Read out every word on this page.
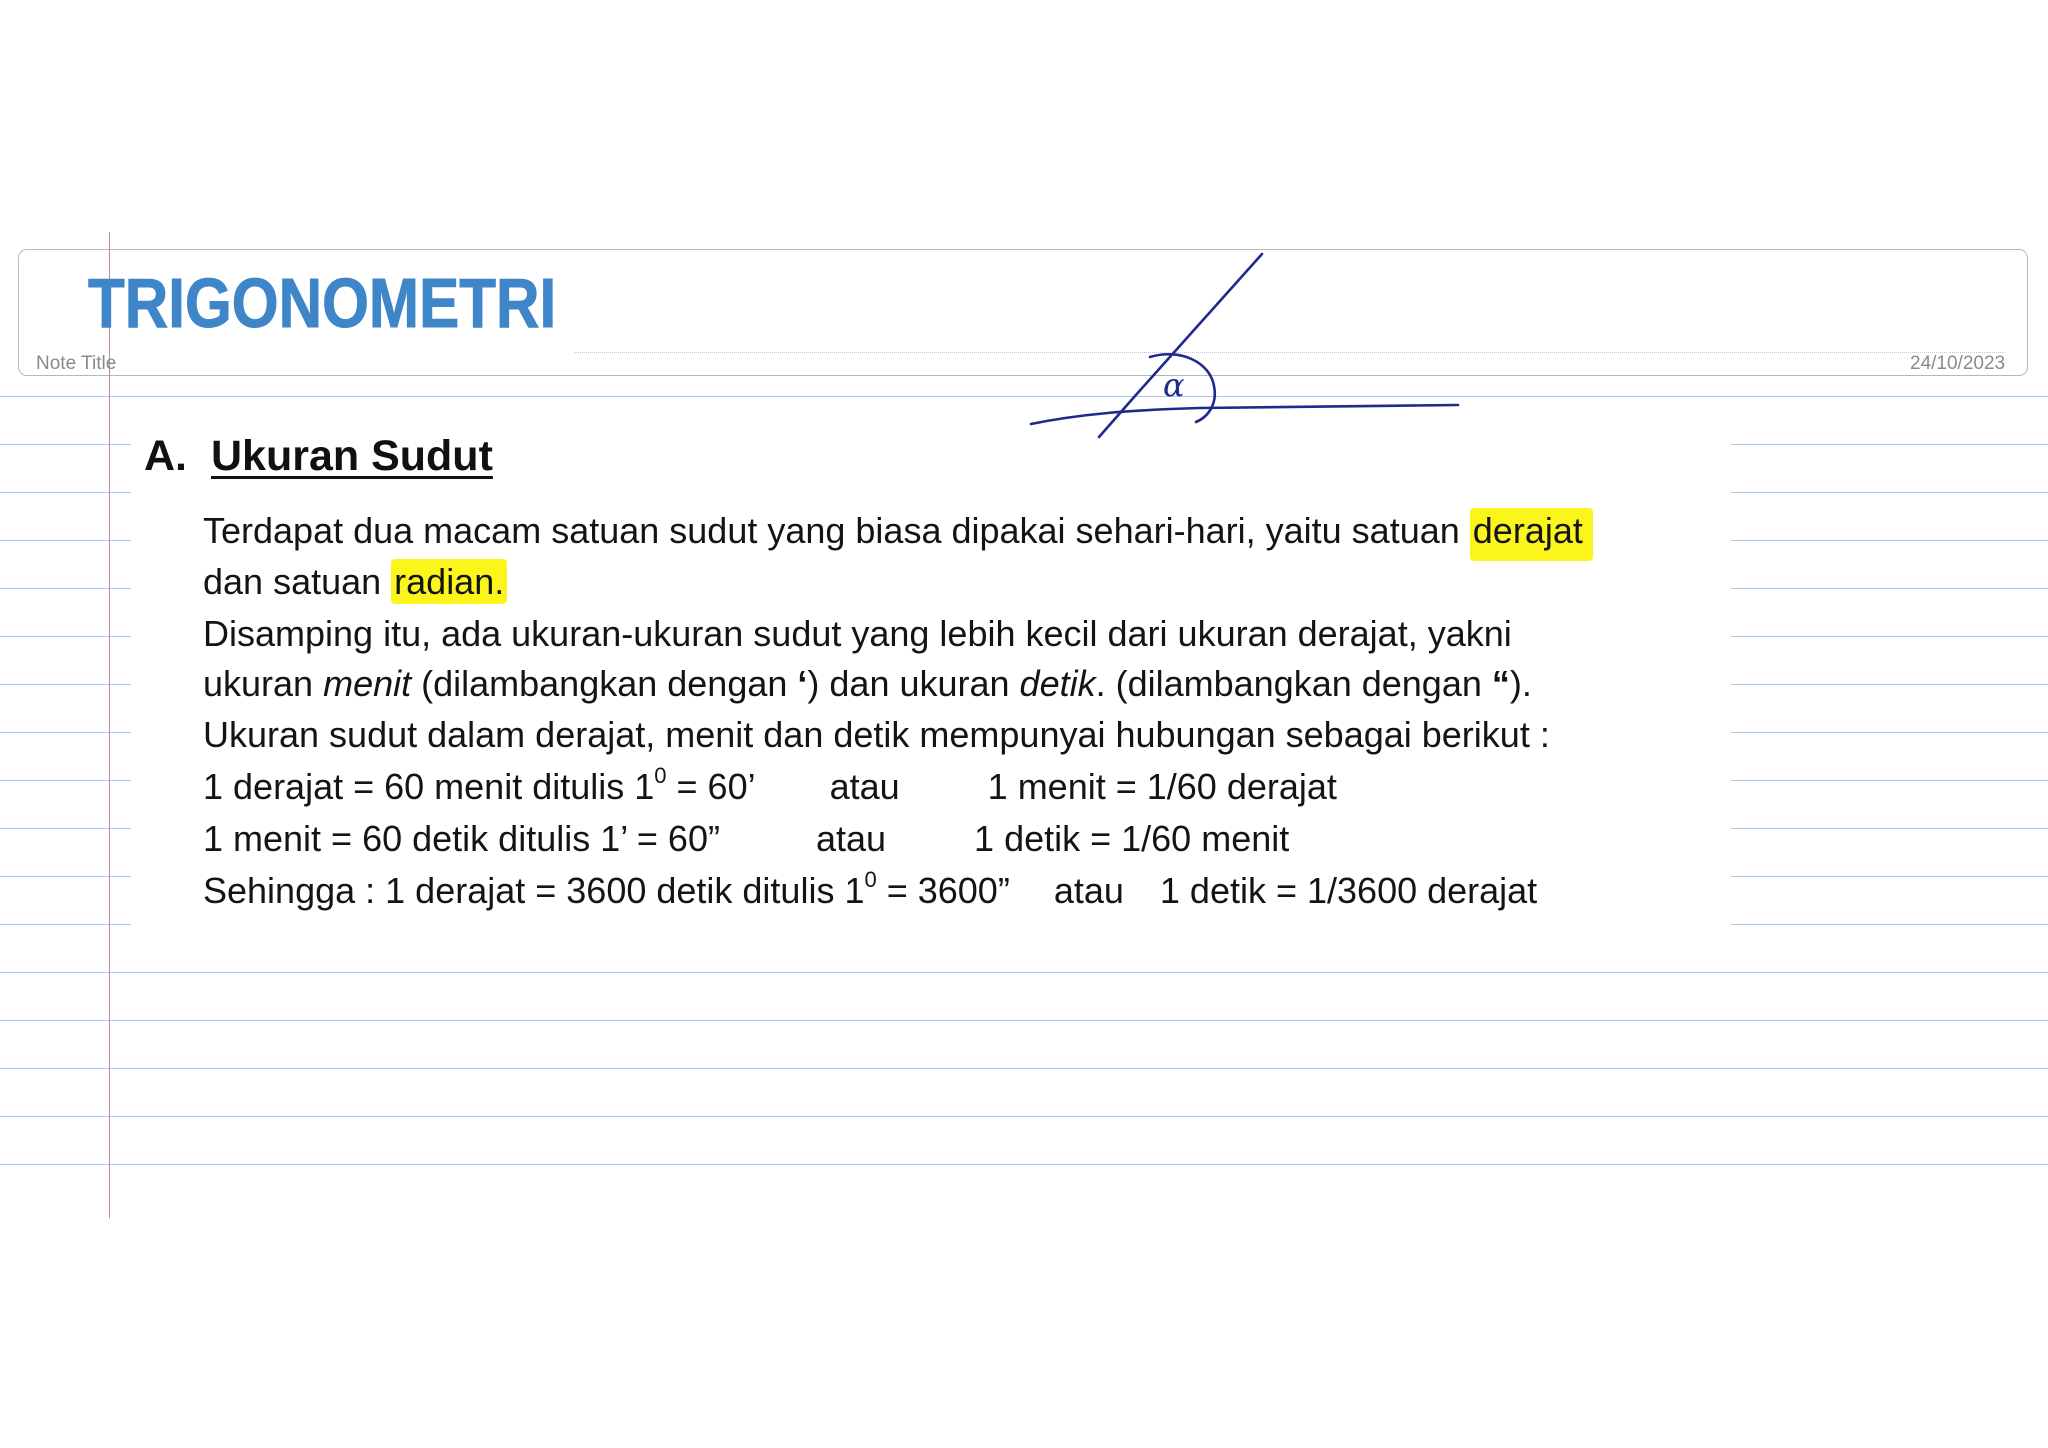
TRIGONOMETRI
Note Title	24/10/2023
A. Ukuran Sudut
Terdapat dua macam satuan sudut yang biasa dipakai sehari-hari, yaitu satuan derajat
dan satuan radian.
Disamping itu, ada ukuran-ukuran sudut yang lebih kecil dari ukuran derajat, yakni
ukuran menit (dilambangkan dengan ‘) dan ukuran detik. (dilambangkan dengan “).
Ukuran sudut dalam derajat, menit dan detik mempunyai hubungan sebagai berikut :
1 derajat = 60 menit ditulis $1^0 = 60$’ atau 1 menit = 1/60 derajat
1 menit = 60 detik ditulis 1’ = 60”	atau 1 detik = 1/60 menit
Sehingga : 1 derajat = 3600 detik ditulis $1^0 = 3600$” atau 1 detik = 1/3600 derajat
α
